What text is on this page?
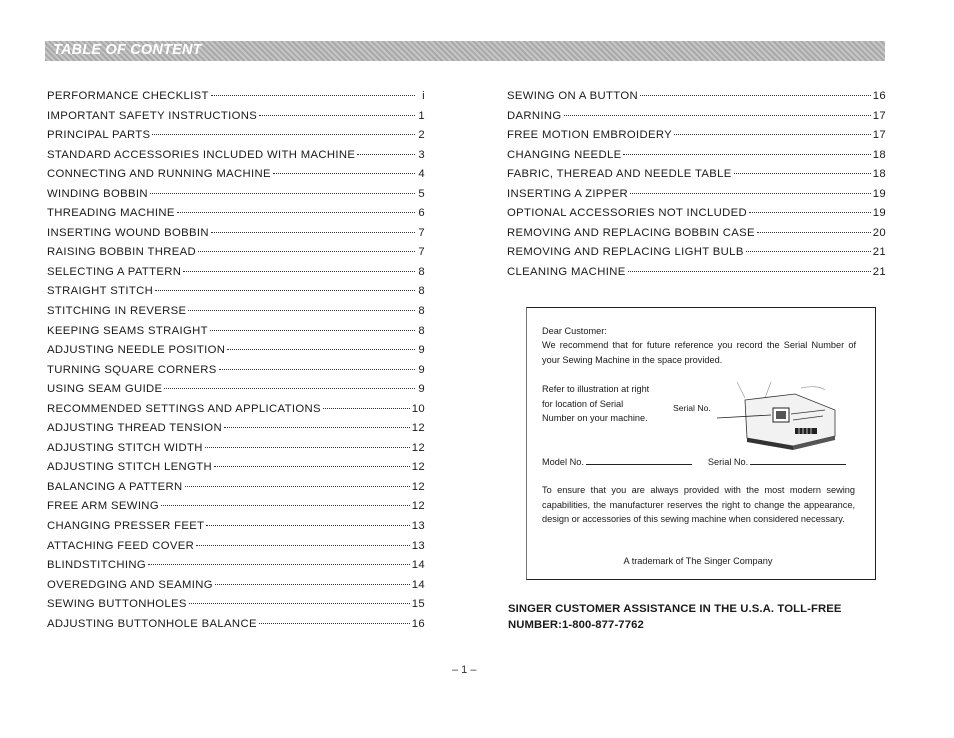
TABLE OF CONTENT
PERFORMANCE CHECKLIST	i
IMPORTANT SAFETY INSTRUCTIONS	1
PRINCIPAL PARTS	2
STANDARD ACCESSORIES INCLUDED WITH MACHINE	3
CONNECTING AND RUNNING MACHINE	4
WINDING BOBBIN	5
THREADING MACHINE	6
INSERTING WOUND BOBBIN	7
RAISING BOBBIN THREAD	7
SELECTING A PATTERN	8
STRAIGHT STITCH	8
STITCHING IN REVERSE	8
KEEPING SEAMS STRAIGHT	8
ADJUSTING NEEDLE POSITION	9
TURNING SQUARE CORNERS	9
USING SEAM GUIDE	9
RECOMMENDED SETTINGS AND APPLICATIONS	10
ADJUSTING THREAD TENSION	12
ADJUSTING STITCH WIDTH	12
ADJUSTING STITCH LENGTH	12
BALANCING A PATTERN	12
FREE ARM SEWING	12
CHANGING PRESSER FEET	13
ATTACHING FEED COVER	13
BLINDSTITCHING	14
OVEREDGING AND SEAMING	14
SEWING BUTTONHOLES	15
ADJUSTING BUTTONHOLE BALANCE	16
SEWING ON A BUTTON	16
DARNING	17
FREE MOTION EMBROIDERY	17
CHANGING NEEDLE	18
FABRIC, THEREAD AND NEEDLE TABLE	18
INSERTING A ZIPPER	19
OPTIONAL ACCESSORIES NOT INCLUDED	19
REMOVING AND REPLACING BOBBIN CASE	20
REMOVING AND REPLACING LIGHT BULB	21
CLEANING MACHINE	21
Dear Customer:
We recommend that for future reference you record the Serial Number of your Sewing Machine in the space provided.
Refer to illustration at right for location of Serial Number on your machine.
Serial No.
Model No.	Serial No.
To ensure that you are always provided with the most modern sewing capabilities, the manufacturer reserves the right to change the appearance, design or accessories of this sewing machine when considered necessary.
A trademark of The Singer Company
SINGER CUSTOMER ASSISTANCE IN THE U.S.A. TOLL-FREE NUMBER:1-800-877-7762
– 1 –
